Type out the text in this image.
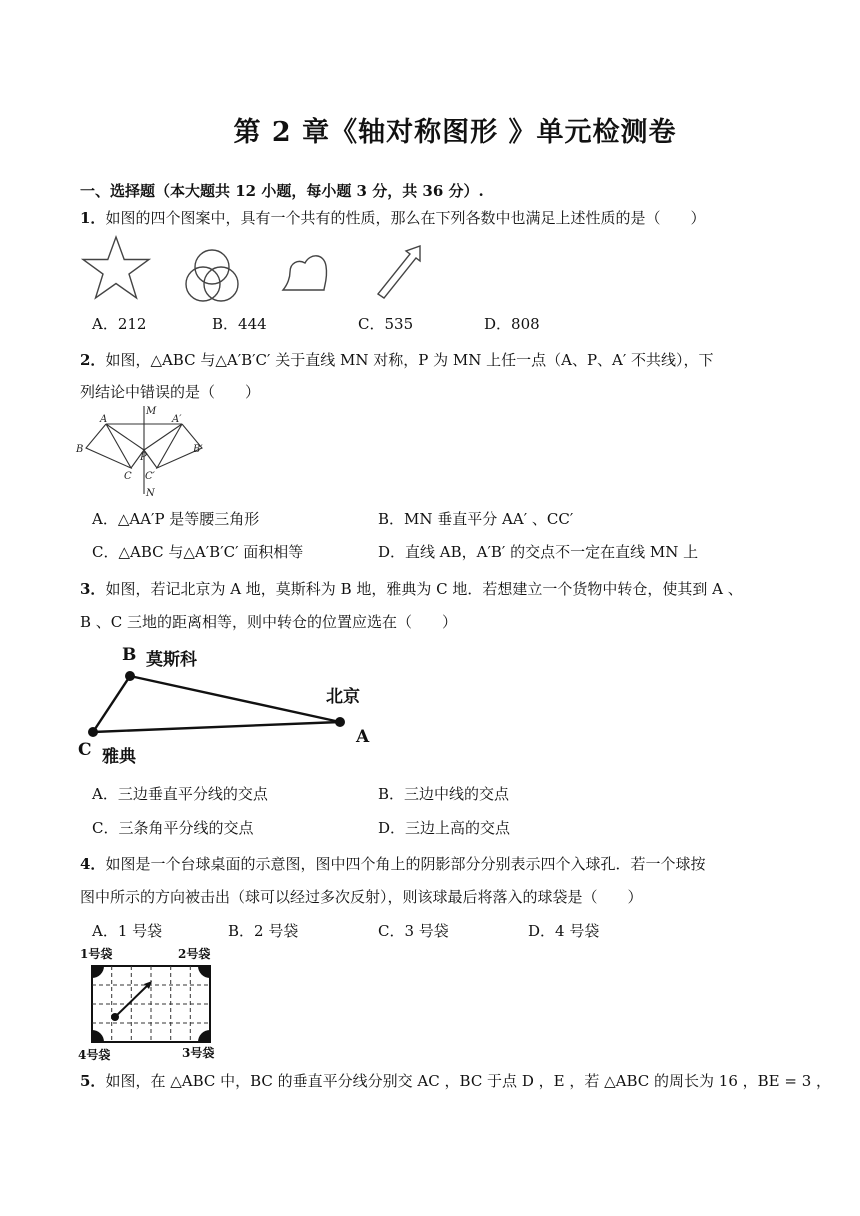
第 2 章《轴对称图形 》单元检测卷
一、选择题（本大题共 12 小题，每小题 3 分，共 36 分）.
1．如图的四个图案中，具有一个共有的性质，那么在下列各数中也满足上述性质的是（　　）
A．212	B．444	C．535	D．808
2．如图，△ABC 与△A′B′C′ 关于直线 MN 对称，P 为 MN 上任一点（A、P、A′ 不共线），下
列结论中错误的是（　　）
M
N
A	A′
B	B′
C C′
P
A．△AA′P 是等腰三角形	B．MN 垂直平分 AA′ 、CC′
C．△ABC 与△A′B′C′ 面积相等	D．直线 AB，A′B′ 的交点不一定在直线 MN 上
3．如图，若记北京为 A 地，莫斯科为 B 地，雅典为 C 地．若想建立一个货物中转仓，使其到 A 、
B 、C 三地的距离相等，则中转仓的位置应选在（　　）
B 莫斯科
北京
A
C 雅典
A．三边垂直平分线的交点	B．三边中线的交点
C．三条角平分线的交点	D．三边上高的交点
4．如图是一个台球桌面的示意图，图中四个角上的阴影部分分别表示四个入球孔．若一个球按
图中所示的方向被击出（球可以经过多次反射），则该球最后将落入的球袋是（　　）
A．1 号袋	B．2 号袋	C．3 号袋	D．4 号袋
1号袋	2号袋
3号袋
4号袋
5．如图，在 △ABC 中，BC 的垂直平分线分别交 AC ，BC 于点 D ，E ，若 △ABC 的周长为 16 ，BE = 3 ，
